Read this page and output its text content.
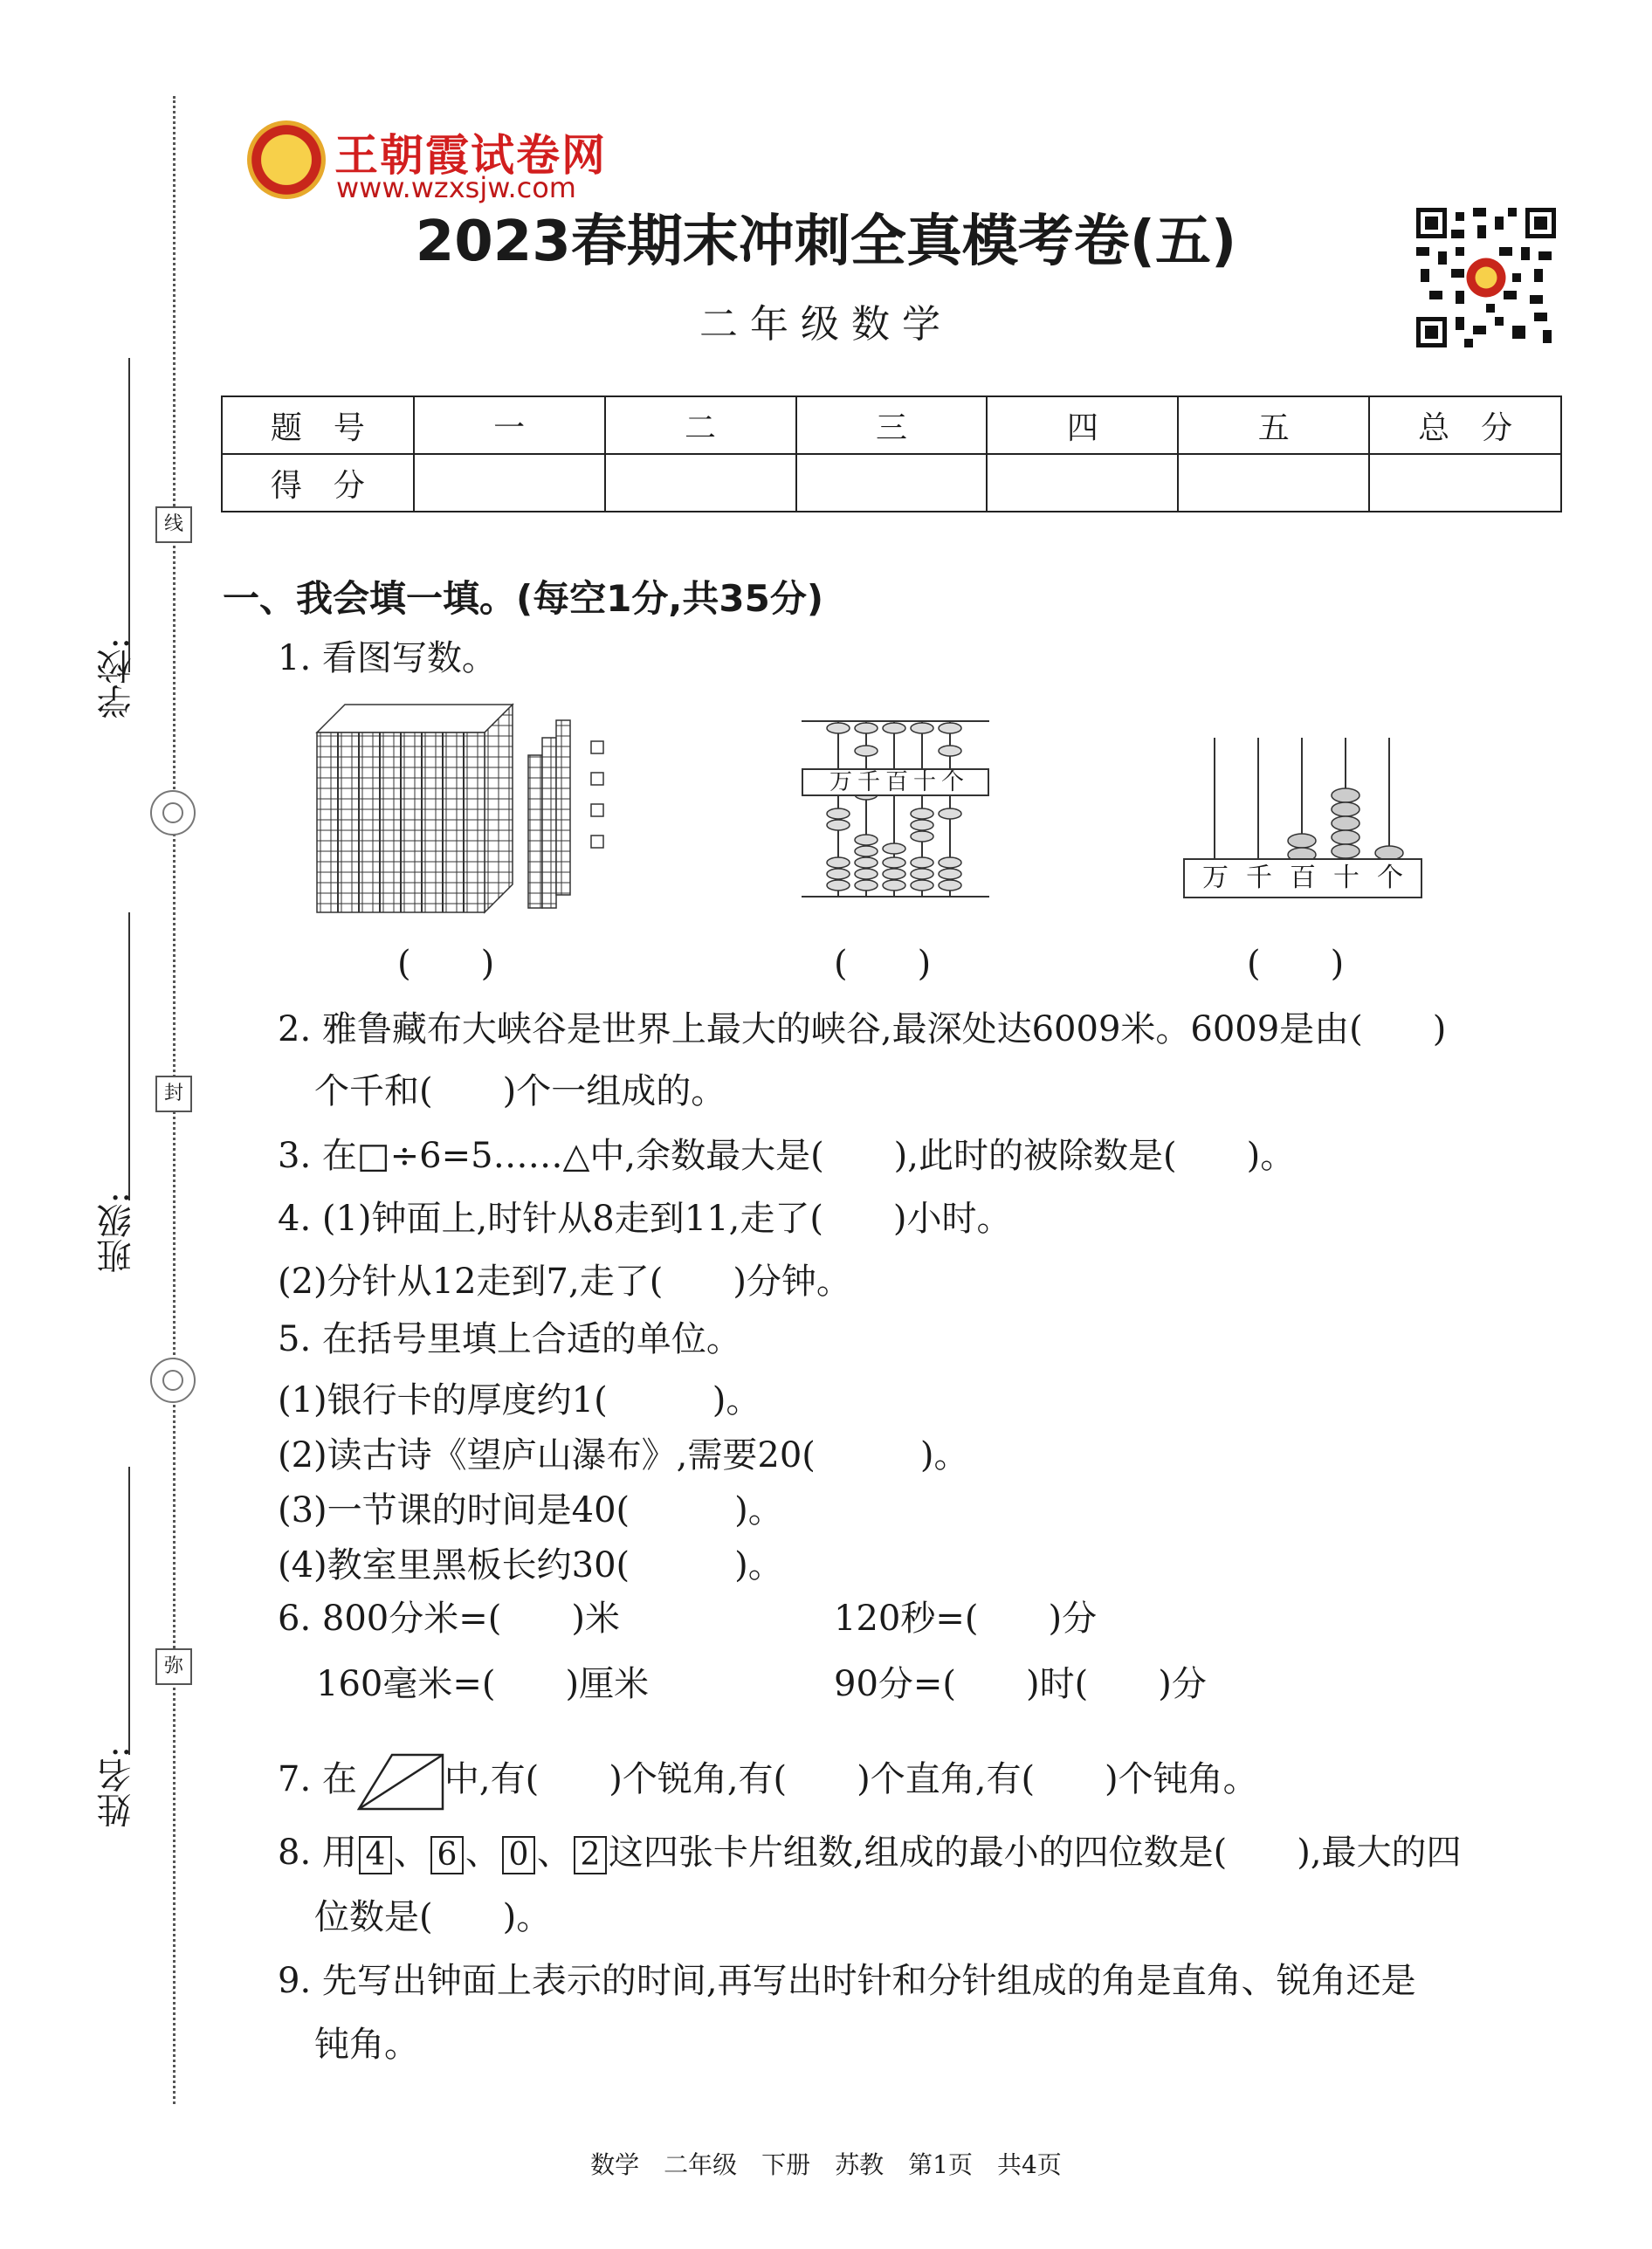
学校:
班级:
姓名:
线
封
弥
王朝霞试卷网
www.wzxsjw.com
2023春期末冲刺全真模考卷(五)
二年级数学
题　号	一	二	三	四	五	总　分
得　分						
一、我会填一填。(每空1分,共35分)
1. 看图写数。
(　　)
万 千 百 十 个
(　　)
万 千 百 十 个
(　　)
2. 雅鲁藏布大峡谷是世界上最大的峡谷,最深处达6009米。6009是由(　　)
个千和(　　)个一组成的。
3. 在□÷6=5……△中,余数最大是(　　),此时的被除数是(　　)。
4. (1)钟面上,时针从8走到11,走了(　　)小时。
(2)分针从12走到7,走了(　　)分钟。
5. 在括号里填上合适的单位。
(1)银行卡的厚度约1(　　　)。
(2)读古诗《望庐山瀑布》,需要20(　　　)。
(3)一节课的时间是40(　　　)。
(4)教室里黑板长约30(　　　)。
6. 800分米=(　　)米	120秒=(　　)分
160毫米=(　　)厘米	90分=(　　)时(　　)分
7. 在	中,有(　　)个锐角,有(　　)个直角,有(　　)个钝角。
8. 用 4 、 6 、 0 、 2 这四张卡片组数,组成的最小的四位数是(　　),最大的四
位数是(　　)。
9. 先写出钟面上表示的时间,再写出时针和分针组成的角是直角、锐角还是
钝角。
数学　二年级　下册　苏教　第1页　共4页
